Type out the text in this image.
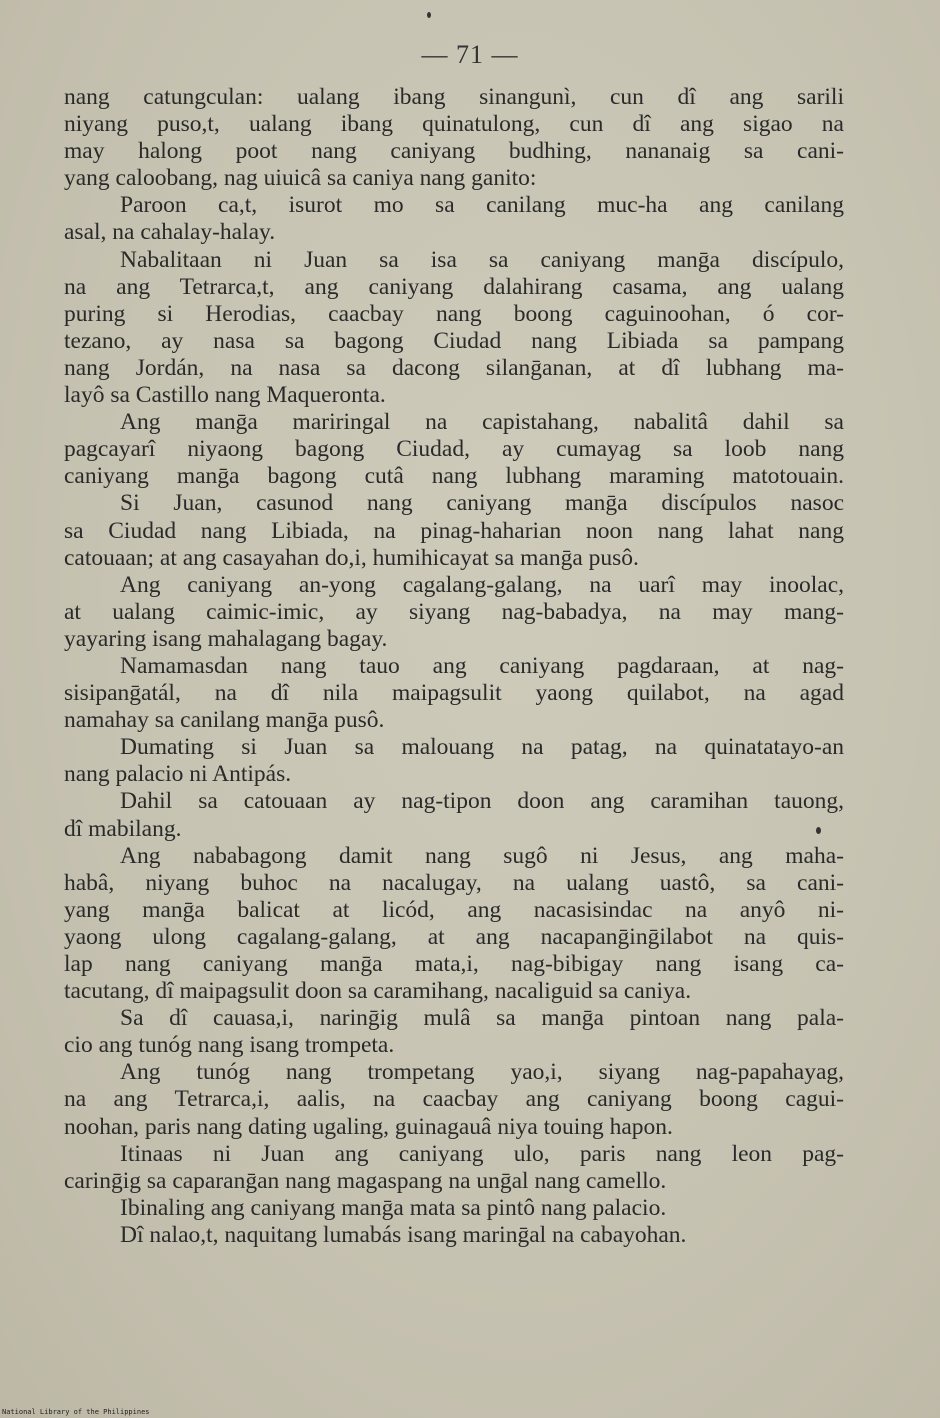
— 71 —
nang catungculan: ualang ibang sinangunì, cun dî ang sarili
niyang puso,t, ualang ibang quinatulong, cun dî ang sigao na
may halong poot nang caniyang budhing, nananaig sa cani-
yang caloobang, nag uiuicâ sa caniya nang ganito:
Paroon ca,t, isurot mo sa canilang muc-ha ang canilang
asal, na cahalay-halay.
Nabalitaan ni Juan sa isa sa caniyang manḡa discípulo,
na ang Tetrarca,t, ang caniyang dalahirang casama, ang ualang
puring si Herodias, caacbay nang boong caguinoohan, ó cor-
tezano, ay nasa sa bagong Ciudad nang Libiada sa pampang
nang Jordán, na nasa sa dacong silanḡanan, at dî lubhang ma-
layô sa Castillo nang Maqueronta.
Ang manḡa mariringal na capistahang, nabalitâ dahil sa
pagcayarî niyaong bagong Ciudad, ay cumayag sa loob nang
caniyang manḡa bagong cutâ nang lubhang maraming matotouain.
Si Juan, casunod nang caniyang manḡa discípulos nasoc
sa Ciudad nang Libiada, na pinag-haharian noon nang lahat nang
catouaan; at ang casayahan do,i, humihicayat sa manḡa pusô.
Ang caniyang an-yong cagalang-galang, na uarî may inoolac,
at ualang caimic-imic, ay siyang nag-babadya, na may mang-
yayaring isang mahalagang bagay.
Namamasdan nang tauo ang caniyang pagdaraan, at nag-
sisipanḡatál, na dî nila maipagsulit yaong quilabot, na agad
namahay sa canilang manḡa pusô.
Dumating si Juan sa malouang na patag, na quinatatayo-an
nang palacio ni Antipás.
Dahil sa catouaan ay nag-tipon doon ang caramihan tauong,
dî mabilang.
Ang nababagong damit nang sugô ni Jesus, ang maha-
habâ, niyang buhoc na nacalugay, na ualang uastô, sa cani-
yang manḡa balicat at licód, ang nacasisindac na anyô ni-
yaong ulong cagalang-galang, at ang nacapanḡinḡilabot na quis-
lap nang caniyang manḡa mata,i, nag-bibigay nang isang ca-
tacutang, dî maipagsulit doon sa caramihang, nacaliguid sa caniya.
Sa dî cauasa,i, narinḡig mulâ sa manḡa pintoan nang pala-
cio ang tunóg nang isang trompeta.
Ang tunóg nang trompetang yao,i, siyang nag-papahayag,
na ang Tetrarca,i, aalis, na caacbay ang caniyang boong cagui-
noohan, paris nang dating ugaling, guinagauâ niya touing hapon.
Itinaas ni Juan ang caniyang ulo, paris nang leon pag-
carinḡig sa caparanḡan nang magaspang na unḡal nang camello.
Ibinaling ang caniyang manḡa mata sa pintô nang palacio.
Dî nalao,t, naquitang lumabás isang marinḡal na cabayohan.
National Library of the Philippines
